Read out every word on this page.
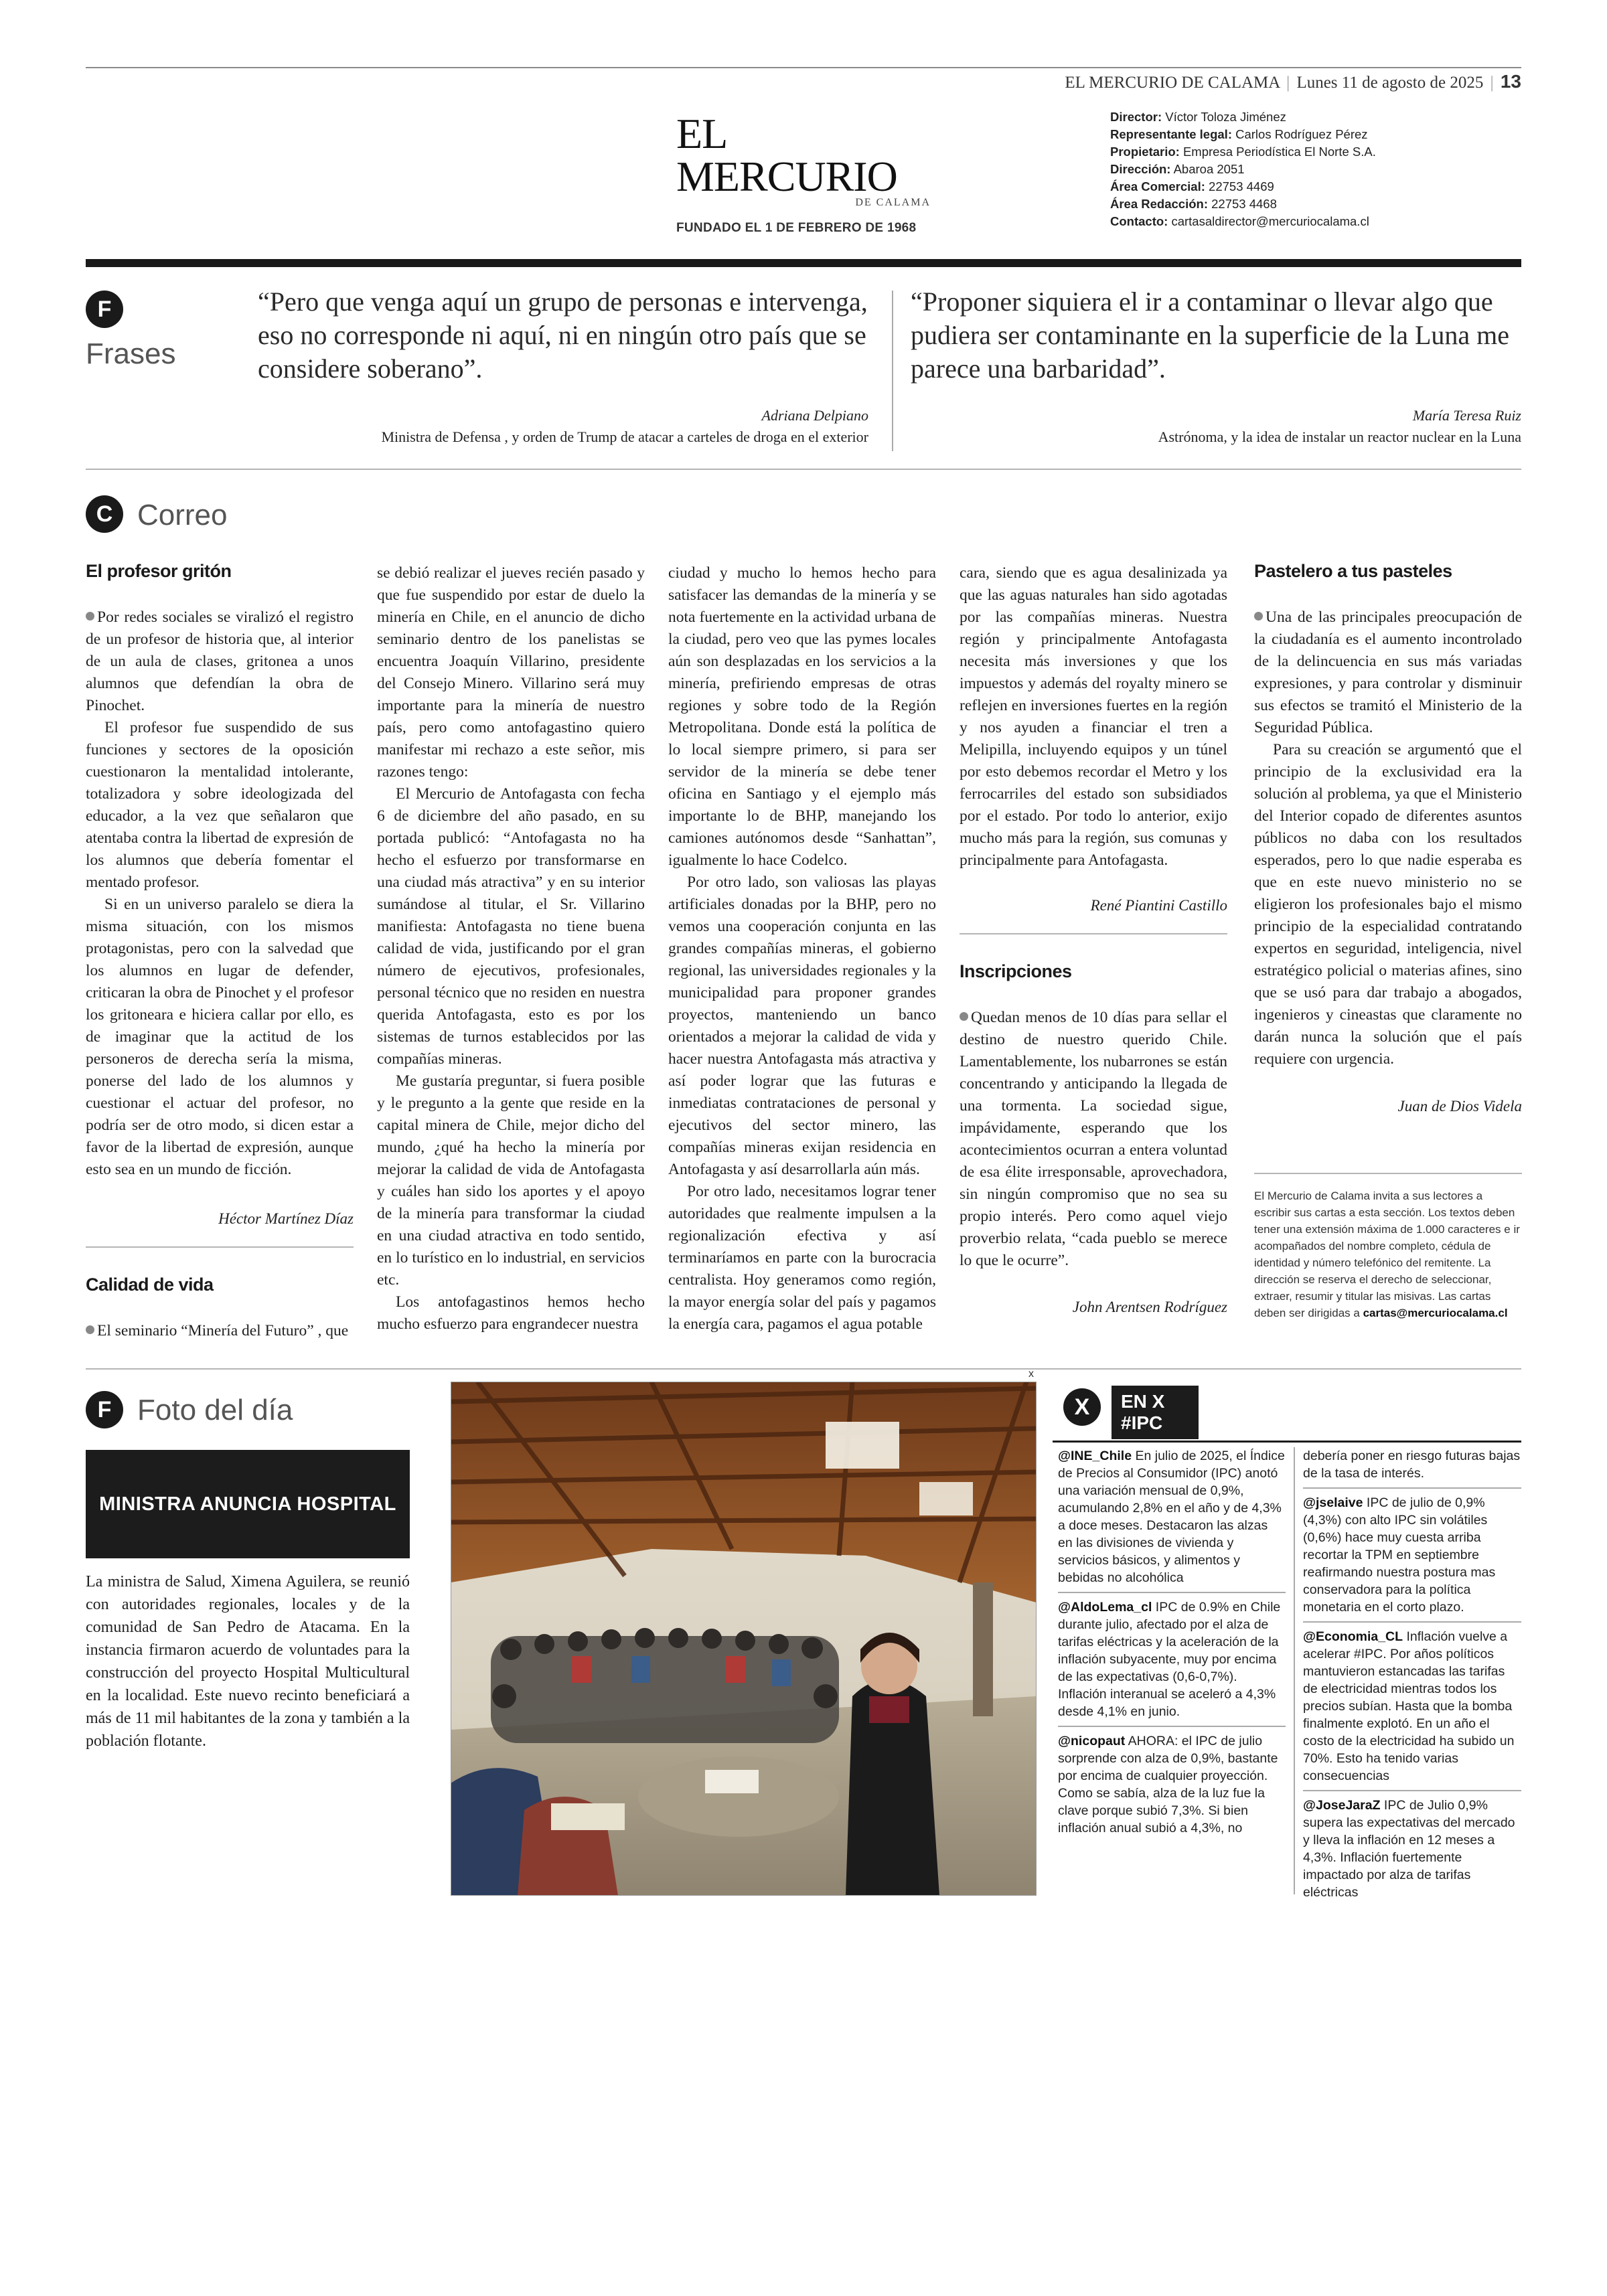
EL MERCURIO DE CALAMA | Lunes 11 de agosto de 2025 | 13
EL MERCURIO
DE CALAMA
FUNDADO EL 1 DE FEBRERO DE 1968
Director: Víctor Toloza Jiménez
Representante legal: Carlos Rodríguez Pérez
Propietario: Empresa Periodística El Norte S.A.
Dirección: Abaroa 2051
Área Comercial: 22753 4469
Área Redacción: 22753 4468
Contacto: cartasaldirector@mercuriocalama.cl
F
Frases
“Pero que venga aquí un grupo de personas e intervenga, eso no corresponde ni aquí, ni en ningún otro país que se considere soberano”.
Adriana Delpiano
Ministra de Defensa , y orden de Trump de atacar a carteles de droga en el exterior
“Proponer siquiera el ir a contaminar o llevar algo que pudiera ser contaminante en la superficie de la Luna me parece una barbaridad”.
María Teresa Ruiz
Astrónoma, y la idea de instalar un reactor nuclear en la Luna
C Correo
El profesor gritón

Por redes sociales se viralizó el registro de un profesor de historia que, al interior de un aula de clases, gritonea a unos alumnos que defendían la obra de Pinochet.

El profesor fue suspendido de sus funciones y sectores de la oposición cuestionaron la mentalidad intolerante, totalizadora y sobre ideologizada del educador, a la vez que señalaron que atentaba contra la libertad de expresión de los alumnos que debería fomentar el mentado profesor.

Si en un universo paralelo se diera la misma situación, con los mismos protagonistas, pero con la salvedad que los alumnos en lugar de defender, criticaran la obra de Pinochet y el profesor los gritoneara e hiciera callar por ello, es de imaginar que la actitud de los personeros de derecha sería la misma, ponerse del lado de los alumnos y cuestionar el actuar del profesor, no podría ser de otro modo, si dicen estar a favor de la libertad de expresión, aunque esto sea en un mundo de ficción.

Héctor Martínez Díaz
Calidad de vida

El seminario “Minería del Futuro” , que

se debió realizar el jueves recién pasado y que fue suspendido por estar de duelo la minería en Chile, en el anuncio de dicho seminario dentro de los panelistas se encuentra Joaquín Villarino, presidente del Consejo Minero. Villarino será muy importante para la minería de nuestro país, pero como antofagastino quiero manifestar mi rechazo a este señor, mis razones tengo:

El Mercurio de Antofagasta con fecha 6 de diciembre del año pasado, en su portada publicó: “Antofagasta no ha hecho el esfuerzo por transformarse en una ciudad más atractiva” y en su interior sumándose al titular, el Sr. Villarino manifiesta: Antofagasta no tiene buena calidad de vida, justificando por el gran número de ejecutivos, profesionales, personal técnico que no residen en nuestra querida Antofagasta, esto es por los sistemas de turnos establecidos por las compañías mineras.

Me gustaría preguntar, si fuera posible y le pregunto a la gente que reside en la capital minera de Chile, mejor dicho del mundo, ¿qué ha hecho la minería por mejorar la calidad de vida de Antofagasta y cuáles han sido los aportes y el apoyo de la minería para transformar la ciudad en una ciudad atractiva en todo sentido, en lo turístico en lo industrial, en servicios etc.

Los antofagastinos hemos hecho mucho esfuerzo para engrandecer nuestra

ciudad y mucho lo hemos hecho para satisfacer las demandas de la minería y se nota fuertemente en la actividad urbana de la ciudad, pero veo que las pymes locales aún son desplazadas en los servicios a la minería, prefiriendo empresas de otras regiones y sobre todo de la Región Metropolitana. Donde está la política de lo local siempre primero, si para ser servidor de la minería se debe tener oficina en Santiago y el ejemplo más importante lo de BHP, manejando los camiones autónomos desde “Sanhattan”, igualmente lo hace Codelco.

Por otro lado, son valiosas las playas artificiales donadas por la BHP, pero no vemos una cooperación conjunta en las grandes compañías mineras, el gobierno regional, las universidades regionales y la municipalidad para proponer grandes proyectos, manteniendo un banco orientados a mejorar la calidad de vida y hacer nuestra Antofagasta más atractiva y así poder lograr que las futuras e inmediatas contrataciones de personal y ejecutivos del sector minero, las compañías mineras exijan residencia en Antofagasta y así desarrollarla aún más.

Por otro lado, necesitamos lograr tener autoridades que realmente impulsen a la regionalización efectiva y así terminaríamos en parte con la burocracia centralista. Hoy generamos como región, la mayor energía solar del país y pagamos la energía cara, pagamos el agua potable

cara, siendo que es agua desalinizada ya que las aguas naturales han sido agotadas por las compañías mineras. Nuestra región y principalmente Antofagasta necesita más inversiones y que los impuestos y además del royalty minero se reflejen en inversiones fuertes en la región y nos ayuden a financiar el tren a Melipilla, incluyendo equipos y un túnel por esto debemos recordar el Metro y los ferrocarriles del estado son subsidiados por el estado. Por todo lo anterior, exijo mucho más para la región, sus comunas y principalmente para Antofagasta.

René Piantini Castillo
Inscripciones

Quedan menos de 10 días para sellar el destino de nuestro querido Chile. Lamentablemente, los nubarrones se están concentrando y anticipando la llegada de una tormenta. La sociedad sigue, impávidamente, esperando que los acontecimientos ocurran a entera voluntad de esa élite irresponsable, aprovechadora, sin ningún compromiso que no sea su propio interés. Pero como aquel viejo proverbio relata, “cada pueblo se merece lo que le ocurre”.

John Arentsen Rodríguez
Pastelero a tus pasteles

Una de las principales preocupación de la ciudadanía es el aumento incontrolado de la delincuencia en sus más variadas expresiones, y para controlar y disminuir sus efectos se tramitó el Ministerio de la Seguridad Pública.

Para su creación se argumentó que el principio de la exclusividad era la solución al problema, ya que el Ministerio del Interior copado de diferentes asuntos públicos no daba con los resultados esperados, pero lo que nadie esperaba es que en este nuevo ministerio no se eligieron los profesionales bajo el mismo principio de la especialidad contratando expertos en seguridad, inteligencia, nivel estratégico policial o materias afines, sino que se usó para dar trabajo a abogados, ingenieros y cineastas que claramente no darán nunca la solución que el país requiere con urgencia.

Juan de Dios Videla
El Mercurio de Calama invita a sus lectores a escribir sus cartas a esta sección. Los textos deben tener una extensión máxima de 1.000 caracteres e ir acompañados del nombre completo, cédula de identidad y número telefónico del remitente. La dirección se reserva el derecho de seleccionar, extraer, resumir y titular las misivas. Las cartas deben ser dirigidas a cartas@mercuriocalama.cl
F Foto del día
MINISTRA ANUNCIA HOSPITAL
La ministra de Salud, Ximena Aguilera, se reunió con autoridades regionales, locales y de la comunidad de San Pedro de Atacama. En la instancia firmaron acuerdo de voluntades para la construcción del proyecto Hospital Multicultural en la localidad. Este nuevo recinto beneficiará a más de 11 mil habitantes de la zona y también a la población flotante.
x
X	EN X
#IPC
@INE_Chile En julio de 2025, el Índice de Precios al Consumidor (IPC) anotó una variación mensual de 0,9%, acumulando 2,8% en el año y de 4,3% a doce meses. Destacaron las alzas en las divisiones de vivienda y servicios básicos, y alimentos y bebidas no alcohólica
@AldoLema_cl IPC de 0.9% en Chile durante julio, afectado por el alza de tarifas eléctricas y la aceleración de la inflación subyacente, muy por encima de las expectativas (0,6-0,7%). Inflación interanual se aceleró a 4,3% desde 4,1% en junio.
@nicopaut AHORA: el IPC de julio sorprende con alza de 0,9%, bastante por encima de cualquier proyección. Como se sabía, alza de la luz fue la clave porque subió 7,3%. Si bien inflación anual subió a 4,3%, no
debería poner en riesgo futuras bajas de la tasa de interés.
@jselaive IPC de julio de 0,9% (4,3%) con alto IPC sin volátiles (0,6%) hace muy cuesta arriba recortar la TPM en septiembre reafirmando nuestra postura mas conservadora para la política monetaria en el corto plazo.
@Economia_CL Inflación vuelve a acelerar #IPC. Por años políticos mantuvieron estancadas las tarifas de electricidad mientras todos los precios subían. Hasta que la bomba finalmente explotó. En un año el costo de la electricidad ha subido un 70%. Esto ha tenido varias consecuencias
@JoseJaraZ IPC de Julio 0,9% supera las expectativas del mercado y lleva la inflación en 12 meses a 4,3%. Inflación fuertemente impactado por alza de tarifas eléctricas
